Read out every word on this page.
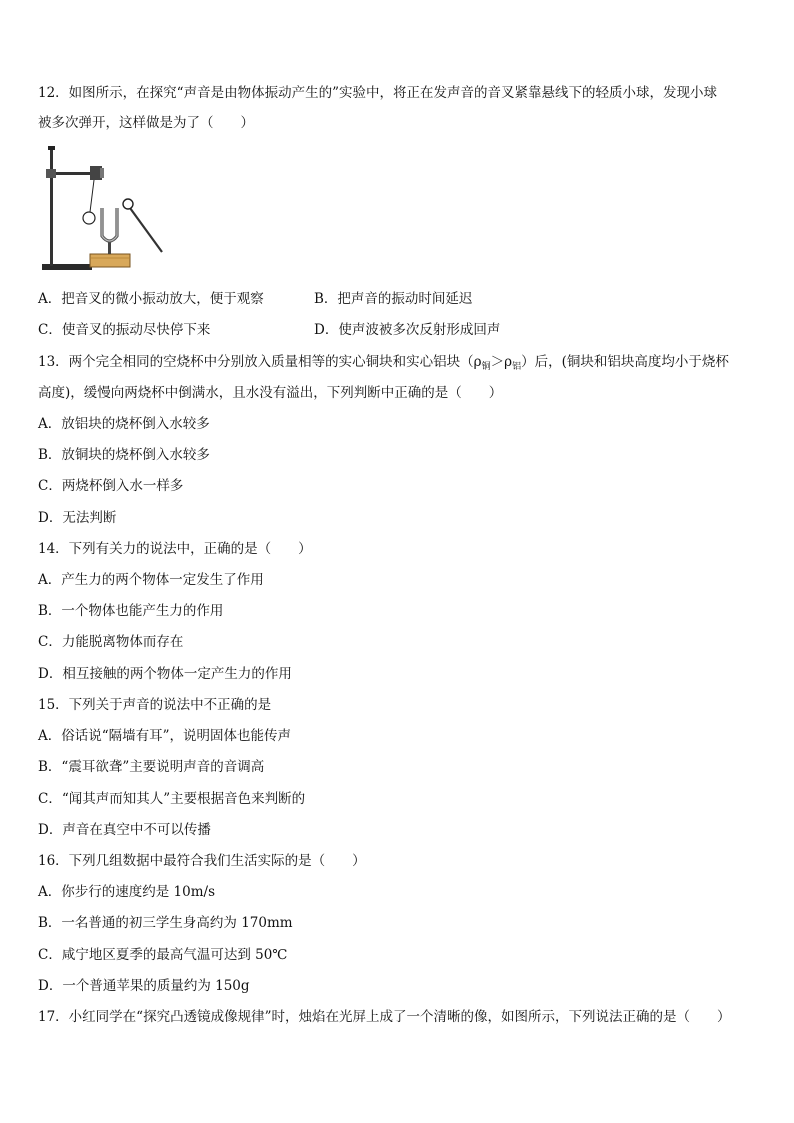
12．如图所示，在探究“声音是由物体振动产生的”实验中，将正在发声音的音叉紧靠悬线下的轻质小球，发现小球
被多次弹开，这样做是为了（　　）
A．把音叉的微小振动放大，便于观察	B．把声音的振动时间延迟
C．使音叉的振动尽快停下来	D．使声波被多次反射形成回声
13．两个完全相同的空烧杯中分别放入质量相等的实心铜块和实心铝块$(\rho_铜>\rho_铝)$后，(铜块和铝块高度均小于烧杯
高度)，缓慢向两烧杯中倒满水，且水没有溢出，下列判断中正确的是（　　）
A．放铝块的烧杯倒入水较多
B．放铜块的烧杯倒入水较多
C．两烧杯倒入水一样多
D．无法判断
14．下列有关力的说法中，正确的是（　　）
A．产生力的两个物体一定发生了作用
B．一个物体也能产生力的作用
C．力能脱离物体而存在
D．相互接触的两个物体一定产生力的作用
15．下列关于声音的说法中不正确的是
A．俗话说“隔墙有耳”，说明固体也能传声
B．“震耳欲聋”主要说明声音的音调高
C．“闻其声而知其人”主要根据音色来判断的
D．声音在真空中不可以传播
16．下列几组数据中最符合我们生活实际的是（　　）
A．你步行的速度约是 10m/s
B．一名普通的初三学生身高约为 170mm
C．咸宁地区夏季的最高气温可达到 50℃
D．一个普通苹果的质量约为 150g
17．小红同学在“探究凸透镜成像规律”时，烛焰在光屏上成了一个清晰的像，如图所示，下列说法正确的是（　　）
